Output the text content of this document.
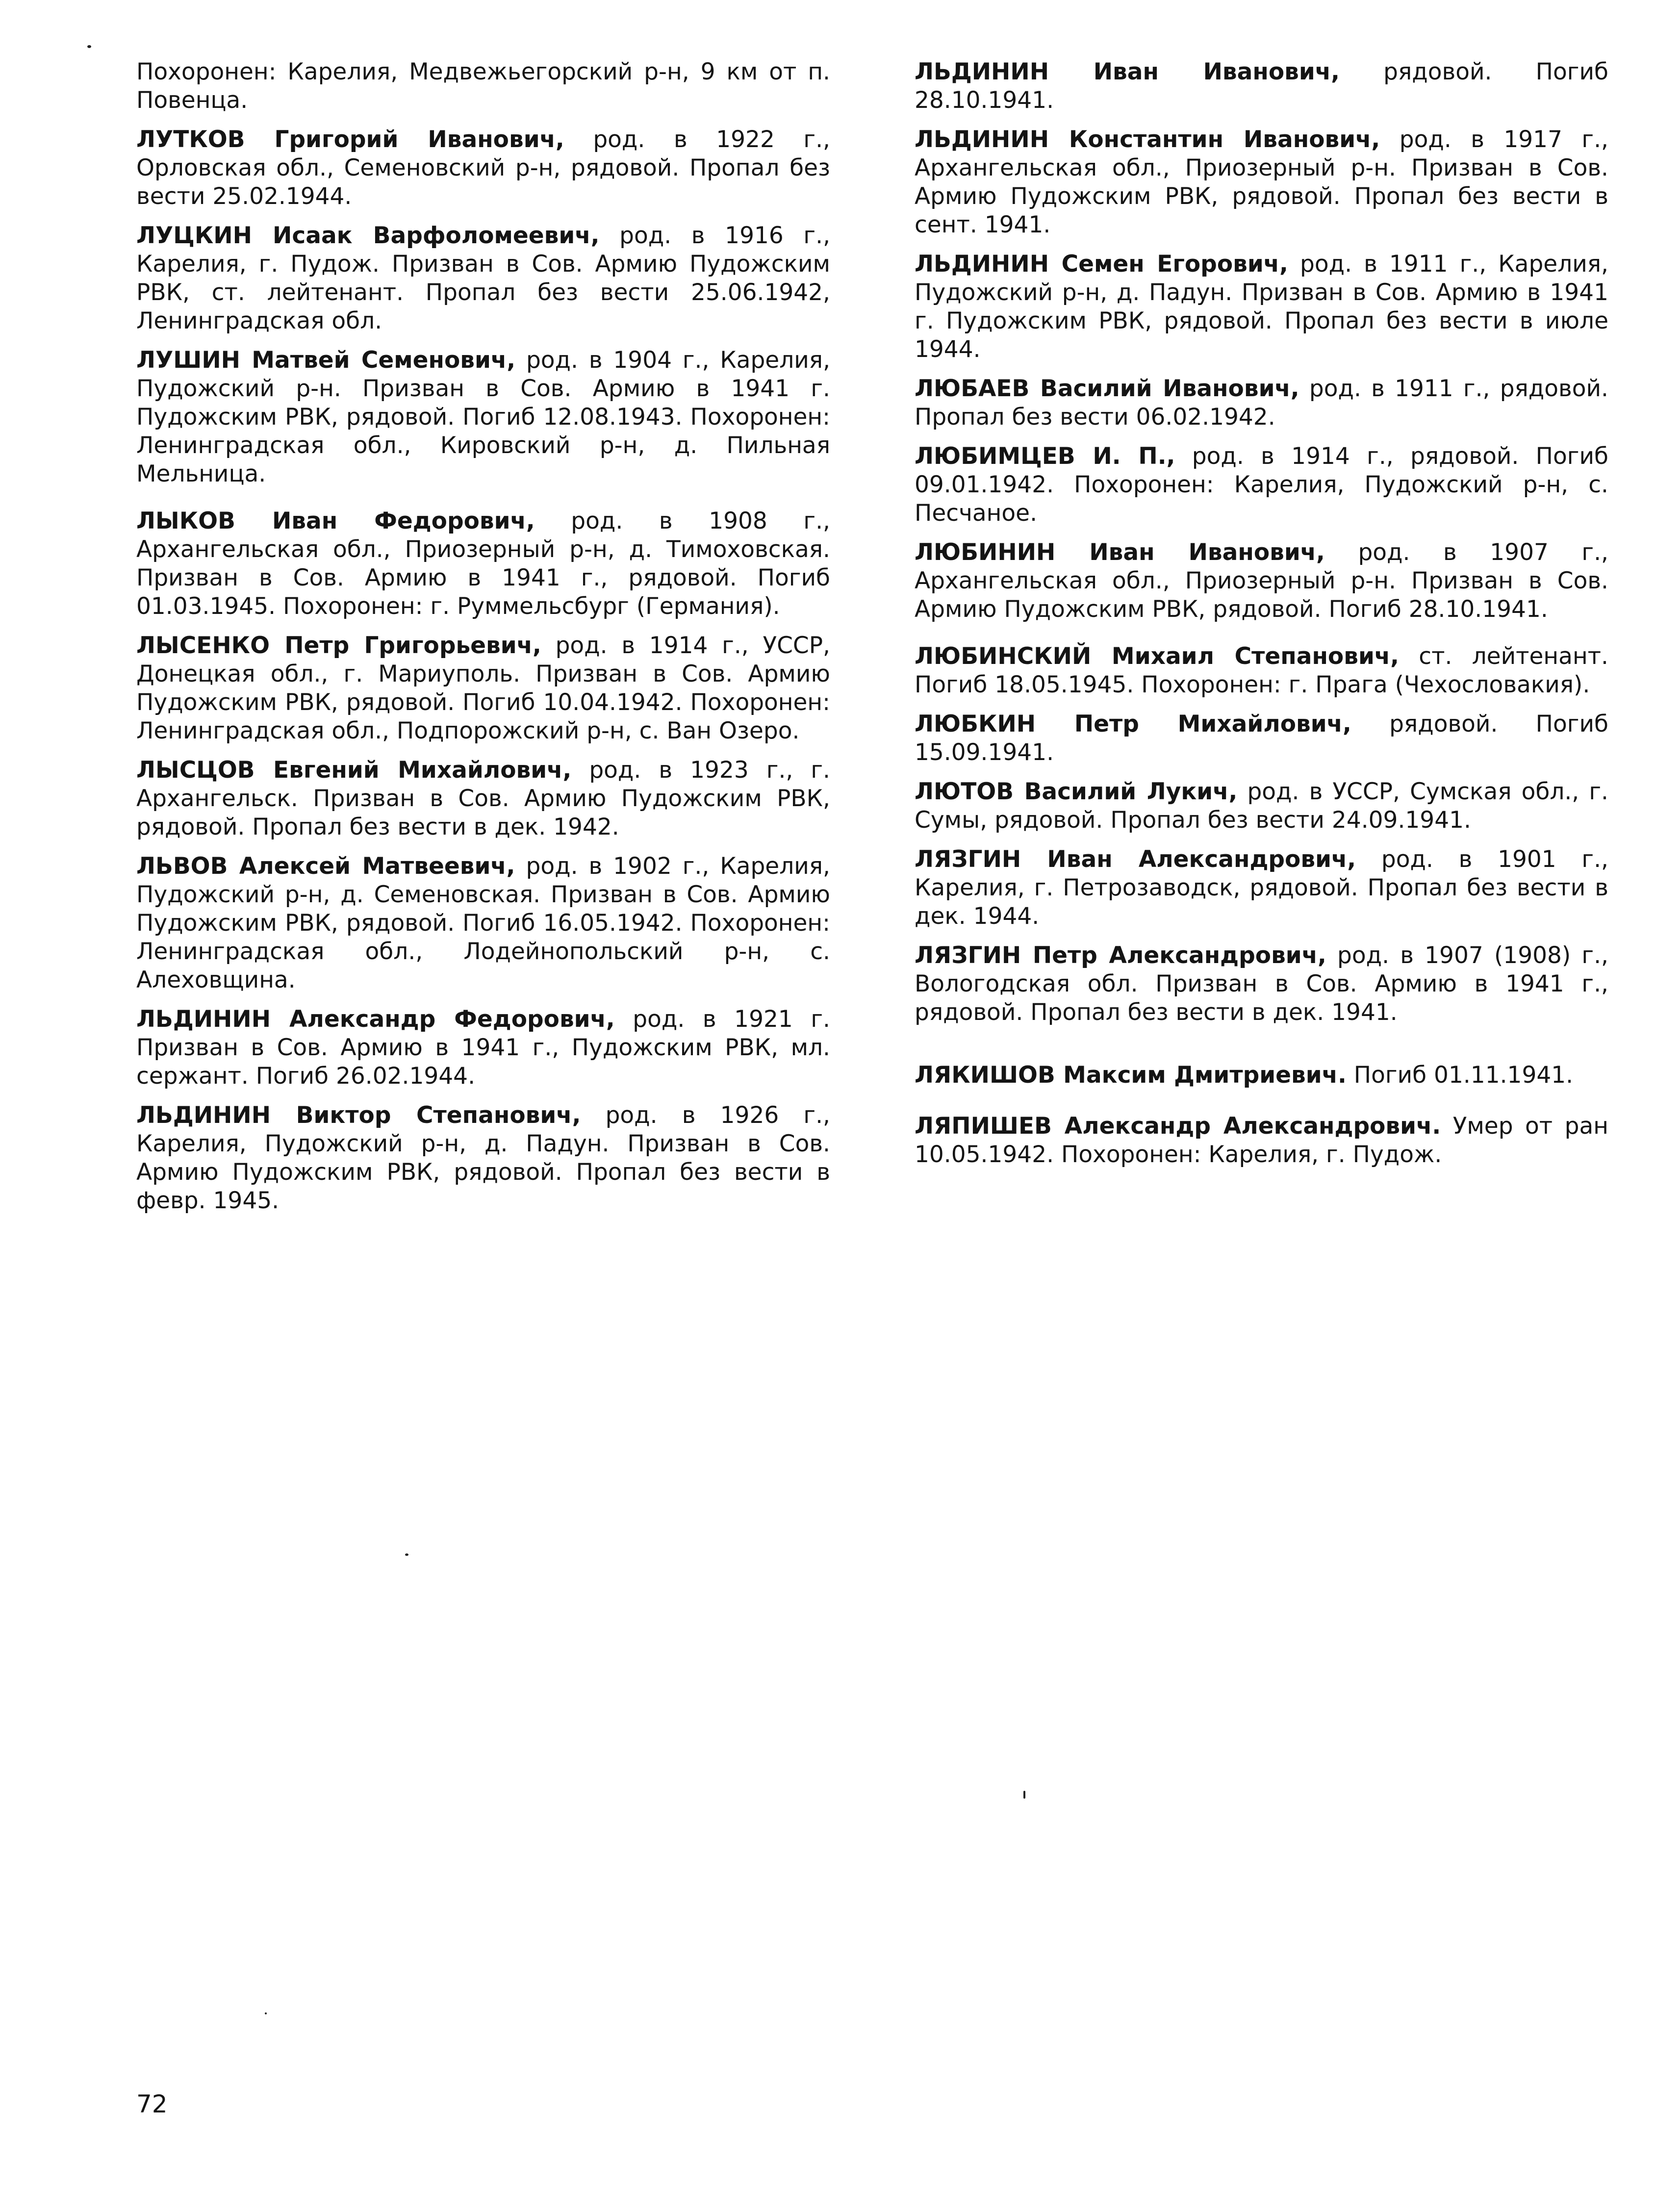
Похоронен: Карелия, Медвежьегорский р-н, 9 км от п. Повенца.

ЛУТКОВ Григорий Иванович, род. в 1922 г., Орловская обл., Семеновский р-н, рядовой. Пропал без вести 25.02.1944.

ЛУЦКИН Исаак Варфоломеевич, род. в 1916 г., Карелия, г. Пудож. Призван в Сов. Армию Пудожским РВК, ст. лейтенант. Пропал без вести 25.06.1942, Ленинградская обл.

ЛУШИН Матвей Семенович, род. в 1904 г., Карелия, Пудожский р-н. Призван в Сов. Армию в 1941 г. Пудожским РВК, рядовой. Погиб 12.08.1943. Похоронен: Ленинградская обл., Кировский р-н, д. Пильная Мельница.

ЛЫКОВ Иван Федорович, род. в 1908 г., Архангельская обл., Приозерный р-н, д. Тимоховская. Призван в Сов. Армию в 1941 г., рядовой. Погиб 01.03.1945. Похоронен: г. Руммельсбург (Германия).

ЛЫСЕНКО Петр Григорьевич, род. в 1914 г., УССР, Донецкая обл., г. Мариуполь. Призван в Сов. Армию Пудожским РВК, рядовой. Погиб 10.04.1942. Похоронен: Ленинградская обл., Подпорожский р-н, с. Ван Озеро.

ЛЫСЦОВ Евгений Михайлович, род. в 1923 г., г. Архангельск. Призван в Сов. Армию Пудожским РВК, рядовой. Пропал без вести в дек. 1942.

ЛЬВОВ Алексей Матвеевич, род. в 1902 г., Карелия, Пудожский р-н, д. Семеновская. Призван в Сов. Армию Пудожским РВК, рядовой. Погиб 16.05.1942. Похоронен: Ленинградская обл., Лодейнопольский р-н, с. Алеховщина.

ЛЬДИНИН Александр Федорович, род. в 1921 г. Призван в Сов. Армию в 1941 г., Пудожским РВК, мл. сержант. Погиб 26.02.1944.

ЛЬДИНИН Виктор Степанович, род. в 1926 г., Карелия, Пудожский р-н, д. Падун. Призван в Сов. Армию Пудожским РВК, рядовой. Пропал без вести в февр. 1945.

ЛЬДИНИН Иван Иванович, рядовой. Погиб 28.10.1941.

ЛЬДИНИН Константин Иванович, род. в 1917 г., Архангельская обл., Приозерный р-н. Призван в Сов. Армию Пудожским РВК, рядовой. Пропал без вести в сент. 1941.

ЛЬДИНИН Семен Егорович, род. в 1911 г., Карелия, Пудожский р-н, д. Падун. Призван в Сов. Армию в 1941 г. Пудожским РВК, рядовой. Пропал без вести в июле 1944.

ЛЮБАЕВ Василий Иванович, род. в 1911 г., рядовой. Пропал без вести 06.02.1942.

ЛЮБИМЦЕВ И. П., род. в 1914 г., рядовой. Погиб 09.01.1942. Похоронен: Карелия, Пудожский р-н, с. Песчаное.

ЛЮБИНИН Иван Иванович, род. в 1907 г., Архангельская обл., Приозерный р-н. Призван в Сов. Армию Пудожским РВК, рядовой. Погиб 28.10.1941.

ЛЮБИНСКИЙ Михаил Степанович, ст. лейтенант. Погиб 18.05.1945. Похоронен: г. Прага (Чехословакия).

ЛЮБКИН Петр Михайлович, рядовой. Погиб 15.09.1941.

ЛЮТОВ Василий Лукич, род. в УССР, Сумская обл., г. Сумы, рядовой. Пропал без вести 24.09.1941.

ЛЯЗГИН Иван Александрович, род. в 1901 г., Карелия, г. Петрозаводск, рядовой. Пропал без вести в дек. 1944.

ЛЯЗГИН Петр Александрович, род. в 1907 (1908) г., Вологодская обл. Призван в Сов. Армию в 1941 г., рядовой. Пропал без вести в дек. 1941.

ЛЯКИШОВ Максим Дмитриевич. Погиб 01.11.1941.

ЛЯПИШЕВ Александр Александрович. Умер от ран 10.05.1942. Похоронен: Карелия, г. Пудож.

72
